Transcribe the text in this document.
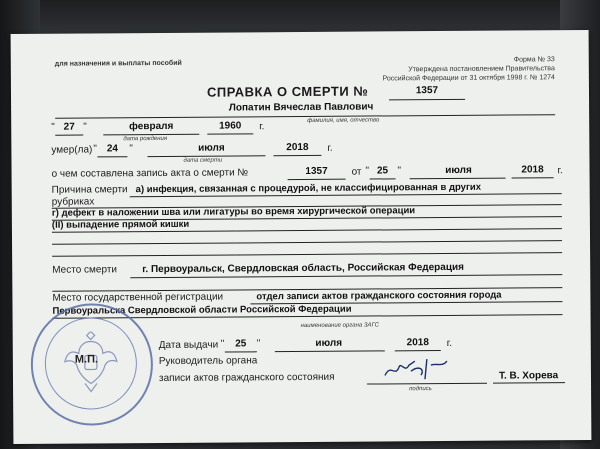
для назначения и выплаты пособий	Форма № 33
Утверждена постановлением Правительства
Российской Федерации от 31 октября 1998 г. № 1274
СПРАВКА О СМЕРТИ №	1357
Лопатин Вячеслав Павлович
фамилия, имя, отчество
" 27 "	февраля	1960	г.
дата рождения
умер(ла) " 24	"	июля	2018	г.
дата смерти
о чем составлена запись акта о смерти №	1357	от " 25 "	июля	2018	г.
Причина смерти а) инфекция, связанная с процедурой, не классифицированная в других
рубриках
г) дефект в наложении шва или лигатуры во время хирургической операции
(II) выпадение прямой кишки
Место смерти	г. Первоуральск, Свердловская область, Российская Федерация
Место государственной регистрации	отдел записи актов гражданского состояния города
Первоуральска Свердловской области Российской Федерации
наименование органа ЗАГС
М.П.
Дата выдачи "	25	"	июля	2018	г.
Руководитель органа
записи актов гражданского состояния
подпись
Т. В. Хорева
